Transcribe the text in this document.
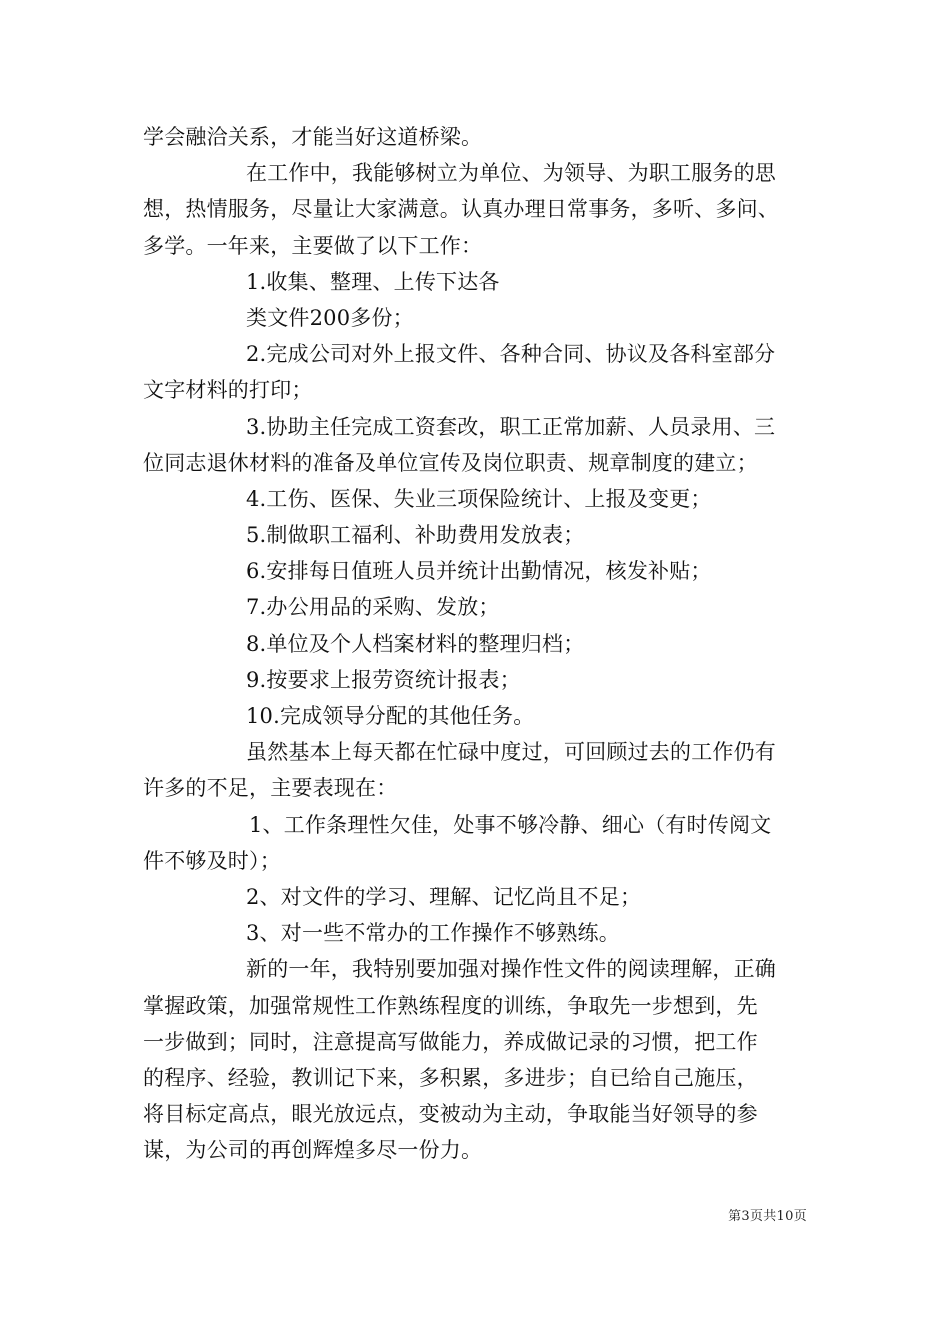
学会融洽关系，才能当好这道桥梁。
在工作中，我能够树立为单位、为领导、为职工服务的思
想，热情服务，尽量让大家满意。认真办理日常事务，多听、多问、
多学。一年来，主要做了以下工作：
1.收集、整理、上传下达各
类文件200多份；
2.完成公司对外上报文件、各种合同、协议及各科室部分
文字材料的打印；
3.协助主任完成工资套改，职工正常加薪、人员录用、三
位同志退休材料的准备及单位宣传及岗位职责、规章制度的建立；
4.工伤、医保、失业三项保险统计、上报及变更；
5.制做职工福利、补助费用发放表；
6.安排每日值班人员并统计出勤情况，核发补贴；
7.办公用品的采购、发放；
8.单位及个人档案材料的整理归档；
9.按要求上报劳资统计报表；
10.完成领导分配的其他任务。
虽然基本上每天都在忙碌中度过，可回顾过去的工作仍有
许多的不足，主要表现在：
1、工作条理性欠佳，处事不够冷静、细心（有时传阅文
件不够及时）；
2、对文件的学习、理解、记忆尚且不足；
3、对一些不常办的工作操作不够熟练。
新的一年，我特别要加强对操作性文件的阅读理解，正确
掌握政策，加强常规性工作熟练程度的训练，争取先一步想到，先
一步做到；同时，注意提高写做能力，养成做记录的习惯，把工作
的程序、经验，教训记下来，多积累，多进步；自已给自己施压，
将目标定高点，眼光放远点，变被动为主动，争取能当好领导的参
谋，为公司的再创辉煌多尽一份力。
第3页共10页
